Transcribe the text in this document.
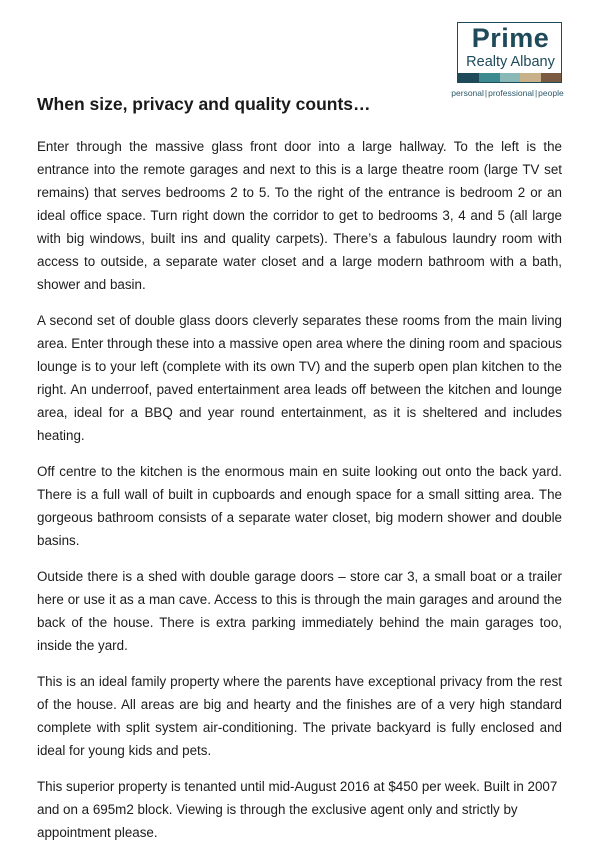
Prime
Realty Albany
personal|professional|people
When size, privacy and quality counts…

Enter through the massive glass front door into a large hallway. To the left is the entrance into the remote garages and next to this is a large theatre room (large TV set remains) that serves bedrooms 2 to 5. To the right of the entrance is bedroom 2 or an ideal office space. Turn right down the corridor to get to bedrooms 3, 4 and 5 (all large with big windows, built ins and quality carpets). There’s a fabulous laundry room with access to outside, a separate water closet and a large modern bathroom with a bath, shower and basin.

A second set of double glass doors cleverly separates these rooms from the main living area. Enter through these into a massive open area where the dining room and spacious lounge is to your left (complete with its own TV) and the superb open plan kitchen to the right. An underroof, paved entertainment area leads off between the kitchen and lounge area, ideal for a BBQ and year round entertainment, as it is sheltered and includes heating.

Off centre to the kitchen is the enormous main en suite looking out onto the back yard. There is a full wall of built in cupboards and enough space for a small sitting area. The gorgeous bathroom consists of a separate water closet, big modern shower and double basins.

Outside there is a shed with double garage doors – store car 3, a small boat or a trailer here or use it as a man cave. Access to this is through the main garages and around the back of the house. There is extra parking immediately behind the main garages too, inside the yard.

This is an ideal family property where the parents have exceptional privacy from the rest of the house. All areas are big and hearty and the finishes are of a very high standard complete with split system air-conditioning. The private backyard is fully enclosed and ideal for young kids and pets.

This superior property is tenanted until mid-August 2016 at $450 per week. Built in 2007 and on a 695m2 block. Viewing is through the exclusive agent only and strictly by appointment please.
